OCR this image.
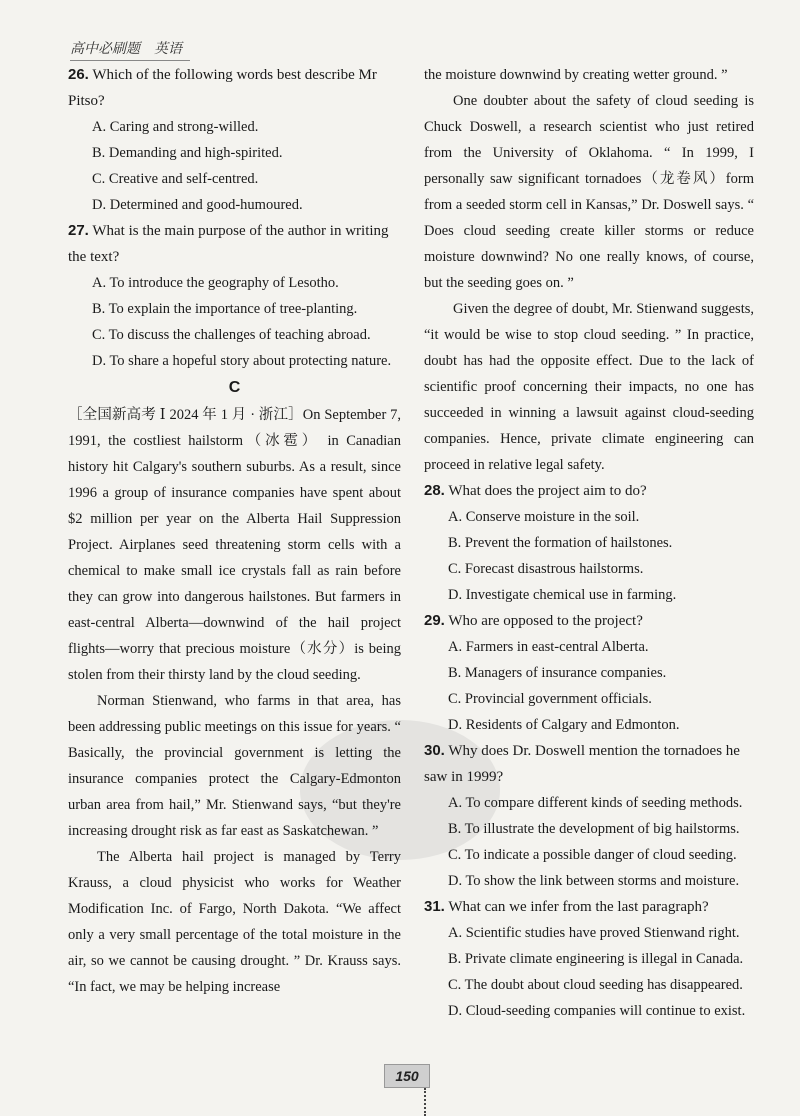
高中必刷题　英语

26. Which of the following words best describe Mr Pitso?

A. Caring and strong-willed.

B. Demanding and high-spirited.

C. Creative and self-centred.

D. Determined and good-humoured.

27. What is the main purpose of the author in writing the text?

A. To introduce the geography of Lesotho.

B. To explain the importance of tree-planting.

C. To discuss the challenges of teaching abroad.

D. To share a hopeful story about protecting nature.

C

［全国新高考 Ⅰ 2024 年 1 月 · 浙江］On September 7, 1991, the costliest hailstorm（冰雹） in Canadian history hit Calgary's southern suburbs. As a result, since 1996 a group of insurance companies have spent about $2 million per year on the Alberta Hail Suppression Project. Airplanes seed threatening storm cells with a chemical to make small ice crystals fall as rain before they can grow into dangerous hailstones. But farmers in east-central Alberta—downwind of the hail project flights—worry that precious moisture（水分）is being stolen from their thirsty land by the cloud seeding.

Norman Stienwand, who farms in that area, has been addressing public meetings on this issue for years. “ Basically, the provincial government is letting the insurance companies protect the Calgary-Edmonton urban area from hail,” Mr. Stienwand says, “but they're increasing drought risk as far east as Saskatchewan. ”

The Alberta hail project is managed by Terry Krauss, a cloud physicist who works for Weather Modification Inc. of Fargo, North Dakota. “We affect only a very small percentage of the total moisture in the air, so we cannot be causing drought. ” Dr. Krauss says. “In fact, we may be helping increase

the moisture downwind by creating wetter ground. ”

One doubter about the safety of cloud seeding is Chuck Doswell, a research scientist who just retired from the University of Oklahoma. “ In 1999, I personally saw significant tornadoes（龙卷风）form from a seeded storm cell in Kansas,” Dr. Doswell says. “ Does cloud seeding create killer storms or reduce moisture downwind? No one really knows, of course, but the seeding goes on. ”

Given the degree of doubt, Mr. Stienwand suggests, “it would be wise to stop cloud seeding. ” In practice, doubt has had the opposite effect. Due to the lack of scientific proof concerning their impacts, no one has succeeded in winning a lawsuit against cloud-seeding companies. Hence, private climate engineering can proceed in relative legal safety.

28. What does the project aim to do?

A. Conserve moisture in the soil.

B. Prevent the formation of hailstones.

C. Forecast disastrous hailstorms.

D. Investigate chemical use in farming.

29. Who are opposed to the project?

A. Farmers in east-central Alberta.

B. Managers of insurance companies.

C. Provincial government officials.

D. Residents of Calgary and Edmonton.

30. Why does Dr. Doswell mention the tornadoes he saw in 1999?

A. To compare different kinds of seeding methods.

B. To illustrate the development of big hailstorms.

C. To indicate a possible danger of cloud seeding.

D. To show the link between storms and moisture.

31. What can we infer from the last paragraph?

A. Scientific studies have proved Stienwand right.

B. Private climate engineering is illegal in Canada.

C. The doubt about cloud seeding has disappeared.

D. Cloud-seeding companies will continue to exist.

150
